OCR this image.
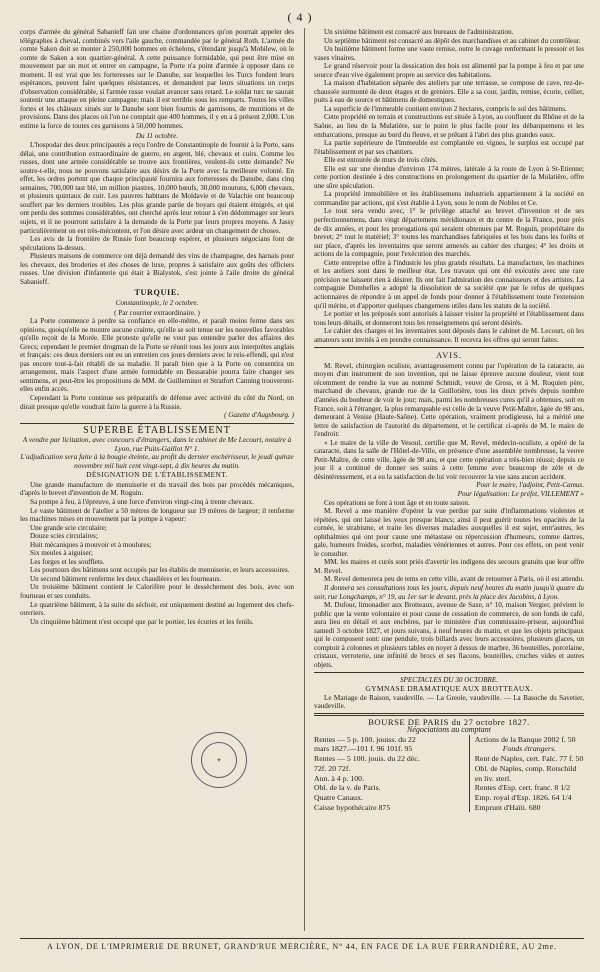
( 4 )

corps d'armée du général Sabanieff fait une chaine d'ordonnances qu'on pourrait appeler des télégraphes à cheval, combinés vers l'aile gauche, commandée par le général Roth. L'armée du comte Saken doit se monter à 250,000 hommes en échelons, s'étendant jusqu'à Mohilew, où le comte de Saken a son quartier-général. A cette puissance formidable, qui peut être mise en mouvement par un mot et entrer en campagne, la Porte n'a point d'armée à opposer dans ce moment. Il est vrai que les forteresses sur le Danube, sur lesquelles les Turcs fondent leurs espérances, peuvent faire quelques résistances, et demandent par leurs situations un corps d'observation considérable, si l'armée russe voulait avancer sans retard. Le soldat turc ne saurait soutenir une attaque en pleine campagne; mais il est terrible sous les remparts. Toutes les villes fortes et les châteaux situés sur le Danube sont bien fournis de garnisons, de munitions et de provisions. Dans des places où l'on ne comptait que 400 hommes, il y en a à présent 2,000. L'on estime la force de toutes ces garnisons à 50,000 hommes.

Du 11 octobre.

L'hospodar des deux principautés a reçu l'ordre de Constantinople de fournir à la Porte, sans délai, une contribution extraordinaire de guerre, en argent, blé, chevaux et cuirs. Comme les russes, dont une armée considérable se trouve aux frontières, veulent-ils cette demande? Ne soutre-t-elle, nous ne pouvons satisfaire aux désirs de la Porte avec la meilleure volonté. En effet, les ordres portent que chaque principauté fournira aux forteresses du Danube, dans cinq semaines, 700,000 tast blé, un million piastres, 10,000 bœufs, 30,000 moutons, 6,000 chevaux, et plusieurs quintaux de cuir. Les pauvres habitans de Moldavie et de Valachie ont beaucoup souffert par les derniers troubles. Les plus grande partie de boyars qui étaient émigrés, et qui ont perdu des sommes considérables, ont cherché après leur retour à s'en dédommager sur leurs sujets, et il ne pourront satisfaire à la demande de la Porte par leurs propres moyens. A Jassy particulièrement on est très-mécontent, et l'on désire avec ardeur un changement de choses.

Les avis de la frontière de Russie font beaucoup espérer, et plusieurs négocians font de spéculations là-dessus.

Plusieurs maisons de commerce ont déjà demandé des vins de champagne, des harnais pour les chevaux, des broderies et des choses de luxe, propres à satisfaire aux goûts des officiers russes. Une division d'infanterie qui était à Bialystok, s'est jointe à l'aile droite du général Sabanieff.

TURQUIE.

Constantinople, le 2 octobre.

( Par courrier extraordinaire. )

La Porte commence à perdre sa confiance en elle-même, et paraît moins ferme dans ses opinions, quoiqu'elle ne montre aucune crainte, qu'elle se soit tenue sur les nouvelles favorables qu'elle reçoit de la Morée. Elle proteste qu'elle ne veut pas entendre parler des affaires des Grecs; cependant le premier drogman de la Porte se réunit tous les jours aux interprètes anglais et français: ces deux derniers ont eu un entretien ces jours derniers avec le reis-effendi, qui n'est pas encore tout-à-fait rétabli de sa maladie. Il paraît bien que à la Porte on consentira un arrangement, mais l'aspect d'une armée formidable en Bessarabie pourra faire changer ses sentimens, et peut-être les propositions de MM. de Guilleminot et Stratfort Canning trouveront-elles enfin accès.

Cependant la Porte continue ses préparatifs de défense avec activité du côté du Nord, on dirait presque qu'elle voudrait faire la guerre à la Russie.

( Gazette d'Augsbourg. )

SUPERBE ÉTABLISSEMENT

A vendre par licitation, avec concours d'étrangers, dans le cabinet de Me Lecourt, notaire à Lyon, rue Puits-Gaillot N° 1.

L'adjudication sera faite à la bougie éteinte, au profit du dernier enchérisseur, le jeudi quinze novembre mil huit cent vingt-sept, à dix heures du matin.

DÉSIGNATION DE L'ÉTABLISSEMENT.

Une grande manufacture de menuiserie et du travail des bois par procédés mécaniques, d'après le brevet d'invention de M. Roguin.

Sa pompe à feu, à l'épreuve, à une force d'environ vingt-cinq à trente chevaux.

Le vaste bâtiment de l'atelier a 50 mètres de longueur sur 19 mètres de largeur; il renferme les machines mises en mouvement par la pompe à vapeur:

Une grande scie circulaire;

Douze scies circulaires;

Huit mécaniques à mouvoir et à moulures;

Six meules à aiguiser;

Les forges et les soufflets.

Les pourtours des bâtimens sont occupés par les établis de menuiserie, et leurs accessoires.

Un second bâtiment renferme les deux chaudières et les fourneaux.

Un troisième bâtiment contient le Calorifère pour le dessèchement des bois, avec son fourneau et ses conduits.

Le quatrième bâtiment, à la suite du séchoir, est uniquement destiné au logement des chefs-ouvriers.

Un cinquième bâtiment n'est occupé que par le portier, les écuries et les fenils.

✦

Un sixième bâtiment est consacré aux bureaux de l'administration.

Un septième bâtiment est consacré au dépôt des marchandises et au cabinet du contrôleur.

Un huitième bâtiment forme une vaste remise, outre le cuvage renfermant le pressoir et les vases vinaires.

Le grand réservoir pour la dessication des bois est alimenté par la pompe à feu et par une source d'eau vive également propre au service des habitations.

La maison d'habitation séparée des ateliers par une terrasse, se compose de cave, rez-de-chaussée surmonté de deux étages et de greniers. Elle a sa cour, jardin, remise, écurie, cellier, puits à eau de source et bâtimens de domestiques.

La superficie de l'immeuble contient environ 2 hectares, compris le sol des bâtimens.

Cette propriété en terrain et constructions est située à Lyon, au confluent du Rhône et de la Saône, au lieu de la Mulatière, sur le point le plus facile pour les débarquemens et les embarcations, presque au bord du fleuve, et se prêtant à l'abri des plus grandes eaux.

La partie supérieure de l'immeuble est complantée en vignes, le surplus est occupé par l'établissement et par ses chantiers.

Elle est entourée de murs de trois côtés.

Elle est sur une étendue d'environ 174 mètres, latérale à la route de Lyon à St-Etienne; cette portion destinée à des constructions en prolongement du quartier de la Mulatière, offre une sûre spéculation.

La propriété immobilière et les établissemens industriels appartiennent à la société en commandite par actions, qui s'est établie à Lyon, sous le nom de Nobles et Ce.

Le tout sera vendu avec, 1° le privilège attaché au brevet d'invention et de ses perfectionnemens, dans vingt départemens méridionaux et du centre de la France, pour près de dix années, et pour les prorogations qui seraient obtenues par M. Roguin, propriétaire du brevet; 2° tout le matériel; 3° toutes les marchandises fabriquées et les bois dans les forêts et sur place, d'après les inventaires que seront annexés au cahier des charges; 4° les droits et actions de la compagnie, pour l'exécution des marchés.

Cette entreprise offre à l'industrie les plus grands résultats. La manufacture, les machines et les ateliers sont dans le meilleur état. Les travaux qui ont été exécutés avec une rare précision ne laissent rien à désirer. Ils ont fait l'admiration des connaisseurs et des artistes. La compagnie Dombelles a adopté la dissolution de sa société que par le refus de quelques actionnaires de répondre à un appel de fonds pour donner à l'établissement toute l'extension qu'il mérite, et d'apporter quelques changemens utiles dans les statuts de la société.

Le portier et les préposés sont autorisés à laisser visiter la propriété et l'établissement dans tous leurs détails, et donneront tous les renseignemens qui seront désirés.

Le cahier des charges et les inventaires sont déposés dans le cabinet de M. Lecourt, où les amateurs sont invités à en prendre connaissance. Il recevra les offres qui seront faites.

AVIS.

M. Revel, chirurgien oculiste, avantageusement connu par l'opération de la cataracte, au moyen d'un instrument de son invention, qui ne laisse épreuve aucune douleur, vient tout récemment de rendre la vue au nommé Schmidt, veuve de Gross, et à M. Roquien père, marchand de chevaux, grande rue de la Guillotière, tous les deux privés depuis nombre d'années du bonheur de voir le jour; mais, parmi les nombreuses cures qu'il a obtenues, soit en France, soit à l'étranger, la plus remarquable est celle de la veuve Petit-Maître, âgée de 98 ans, demeurant à Venise (Haute-Saône). Cette opération, vraiment prodigieuse, lui a mérité une lettre de satisfaction de l'autorité du département, et le certificat ci-après de M. le maire de l'endroit:

« Le maire de la ville de Vesoul, certifie que M. Revel, médecin-oculiste, a opéré de la cataracte, dans la salle de l'Hôtel-de-Ville, en présence d'une assemblée nombreuse, la veuve Petit-Maître, de cette ville, âgée de 98 ans, et que cette opération a très-bien réussi; depuis ce jour il a continué de donner ses soins à cette femme avec beaucoup de zèle et de désintéressement, et a eu la satisfaction de lui voir recouvrer la vue sans aucun accident.

Pour le maire, l'adjoint, Petit-Camus.

Pour légalisation: Le préfet, VILLEMENT »

Ces opérations se font à tout âge et en toute saison.

M. Revel a une manière d'opérer la vue perdue par suite d'inflammations violentes et répétées, qui ont laissé les yeux presque blancs; ainsi il peut guérir toutes les opacités de la cornée, le strabisme, et traite les diverses maladies auxquelles il est sujet, entr'autres, les ophthalmies qui ont pour cause une métastase ou répercussion d'humeurs, comme dartres, gale, humeurs froides, scorbut, maladies vénériennes et autres. Pour ces effets, on peut venir le consulter.

MM. les maires et curés sont priés d'avertir les indigens des secours gratuits que leur offre M. Revel.

M. Revel demeurera peu de tems en cette ville, avant de retourner à Paris, où il est attendu.

Il donnera ses consultations tous les jours, depuis neuf heures du matin jusqu'à quatre du soir, rue Longchamps, n° 19, au 1er sur le devant, près la place des Jacobins, à Lyon.

M. Dufour, limonadier aux Brotteaux, avenue de Saxe, n° 10, maison Vergier, prévient le public que la vente volontaire et pour cause de cessation de commerce, de son fonds de café, aura lieu en détail et aux enchères, par le ministère d'un commissaire-priseur, aujourd'hui samedi 3 octobre 1827, et jours suivans, à neuf heures du matin, et que les objets principaux qui le composent sont: une pendule, trois billards avec leurs accessoires, plusieurs glaces, un comptoir à colonnes et plusieurs tables en noyer à dessus de marbre, 36 bouteilles, porcelaine, cristaux, verroterie, une infinité de brocs et ses flacons, bouteilles, cruches vides et autres objets.

SPECTACLES DU 30 OCTOBRE.

GYMNASE DRAMATIQUE AUX BROTTEAUX.

Le Mariage de Raison, vaudeville. — La Greole, vaudeville. — La Basoche du Savetier, vaudeville.

BOURSE DE PARIS du 27 octobre 1827.

Négociations au comptant

Rentes — 5 p. 100. jouiss. du 22
mars 1827.—101 f. 96 101f. 95
Rentes — 5 100. jouis. du 22 déc.
72f. 20 72f.
Ann. à 4 p. 100.
Obl. de la v. de Paris.
Quatre Canaux.
Caisse hypothécaire 875
Actions de la Banque 2002 f. 50
Fonds étrangers.
Rent de Naples, cert. Falc. 77 f. 50
Obl. de Naples, comp. Rotschild
en liv. sterl.
Rentes d'Esp. cert. franc. 8 1/2
Emp. royal d'Esp. 1826. 64 1/4
Emprunt d'Haïti. 680
A LYON, DE L'IMPRIMERIE DE BRUNET, GRAND'RUE MERCIÈRE, N° 44, EN FACE DE LA RUE FERRANDIÈRE, AU 2me.
